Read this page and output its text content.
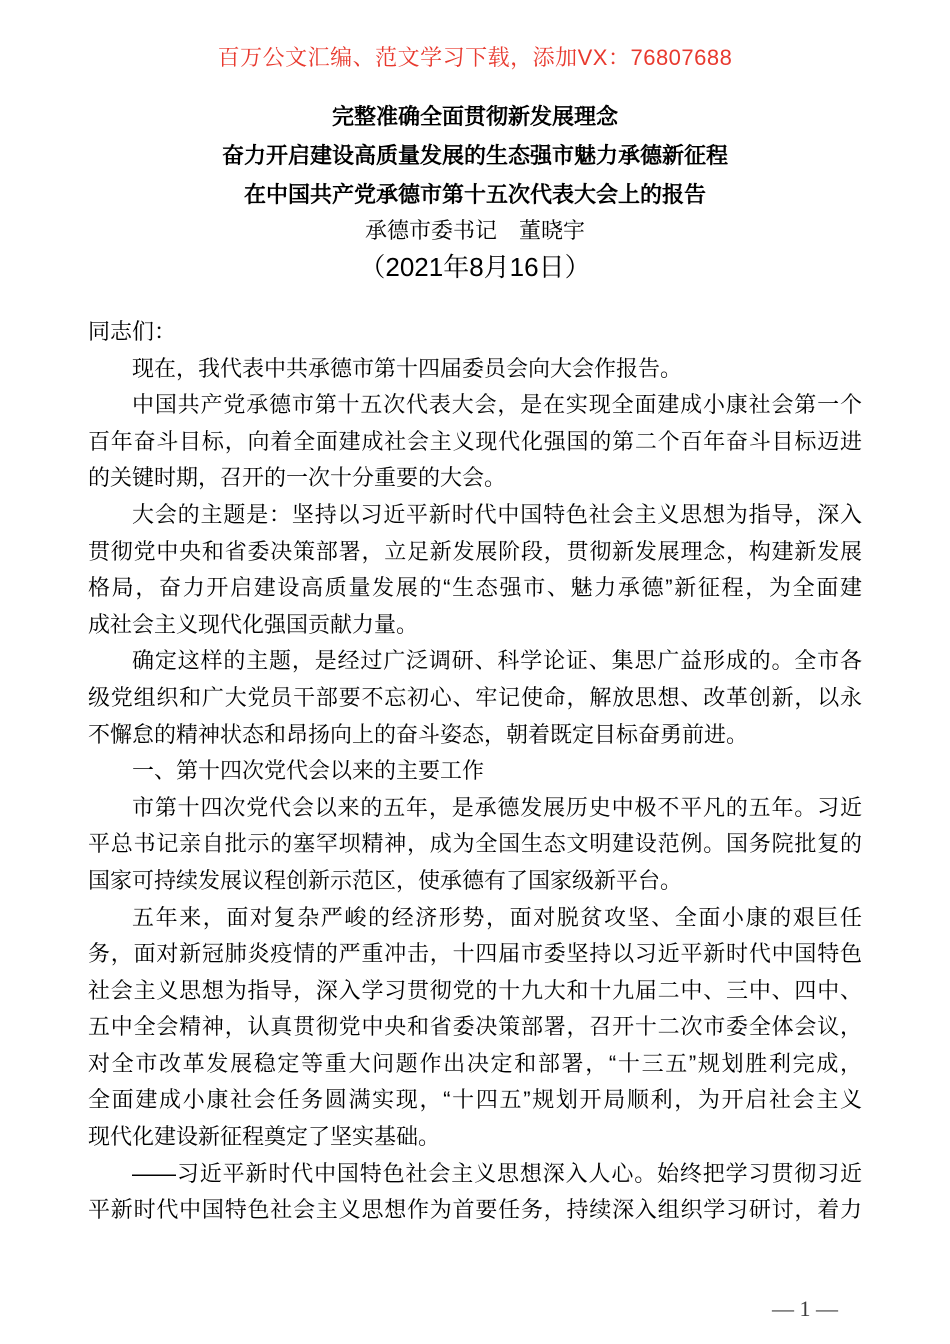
百万公文汇编、范文学习下载，添加VX：76807688
完整准确全面贯彻新发展理念
奋力开启建设高质量发展的生态强市魅力承德新征程
在中国共产党承德市第十五次代表大会上的报告
承德市委书记　董晓宇
（2021年8月16日）
同志们：
现在，我代表中共承德市第十四届委员会向大会作报告。
中国共产党承德市第十五次代表大会，是在实现全面建成小康社会第一个
百年奋斗目标，向着全面建成社会主义现代化强国的第二个百年奋斗目标迈进
的关键时期，召开的一次十分重要的大会。
大会的主题是：坚持以习近平新时代中国特色社会主义思想为指导，深入
贯彻党中央和省委决策部署，立足新发展阶段，贯彻新发展理念，构建新发展
格局，奋力开启建设高质量发展的“生态强市、魅力承德”新征程，为全面建
成社会主义现代化强国贡献力量。
确定这样的主题，是经过广泛调研、科学论证、集思广益形成的。全市各
级党组织和广大党员干部要不忘初心、牢记使命，解放思想、改革创新，以永
不懈怠的精神状态和昂扬向上的奋斗姿态，朝着既定目标奋勇前进。
一、第十四次党代会以来的主要工作
市第十四次党代会以来的五年，是承德发展历史中极不平凡的五年。习近
平总书记亲自批示的塞罕坝精神，成为全国生态文明建设范例。国务院批复的
国家可持续发展议程创新示范区，使承德有了国家级新平台。
五年来，面对复杂严峻的经济形势，面对脱贫攻坚、全面小康的艰巨任
务，面对新冠肺炎疫情的严重冲击，十四届市委坚持以习近平新时代中国特色
社会主义思想为指导，深入学习贯彻党的十九大和十九届二中、三中、四中、
五中全会精神，认真贯彻党中央和省委决策部署，召开十二次市委全体会议，
对全市改革发展稳定等重大问题作出决定和部署，“十三五”规划胜利完成，
全面建成小康社会任务圆满实现，“十四五”规划开局顺利，为开启社会主义
现代化建设新征程奠定了坚实基础。
——习近平新时代中国特色社会主义思想深入人心。始终把学习贯彻习近
平新时代中国特色社会主义思想作为首要任务，持续深入组织学习研讨，着力
— 1 —
